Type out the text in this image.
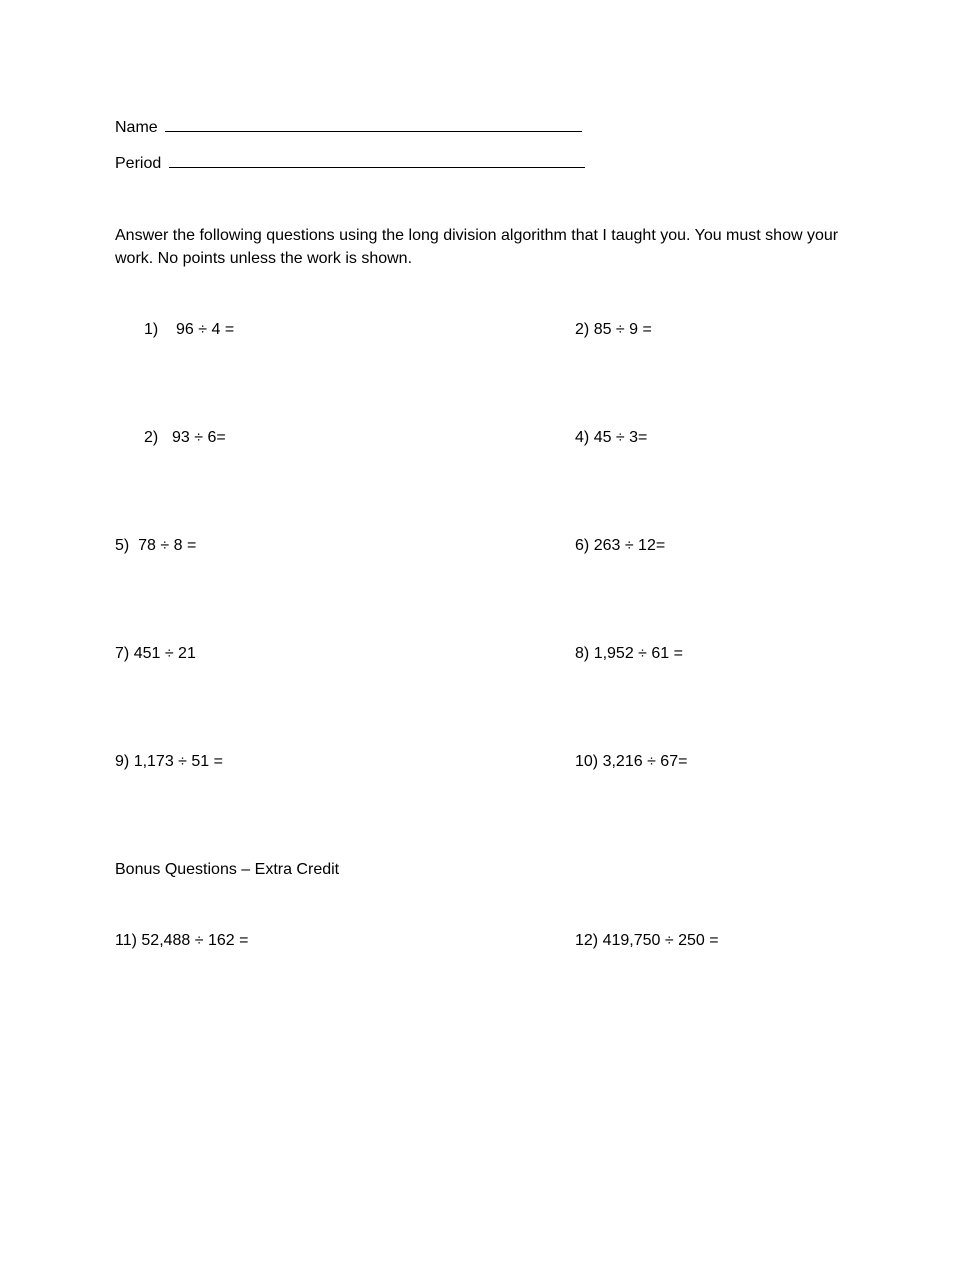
Name
Period
Answer the following questions using the long division algorithm that I taught you. You must show your work. No points unless the work is shown.
1) 96 ÷ 4 =	2) 85 ÷ 9 =
2) 93 ÷ 6=	4) 45 ÷ 3=
5) 78 ÷ 8 =	6) 263 ÷ 12=
7) 451 ÷ 21	8) 1,952 ÷ 61 =
9) 1,173 ÷ 51 =	10) 3,216 ÷ 67=
Bonus Questions – Extra Credit
11) 52,488 ÷ 162 =	12) 419,750 ÷ 250 =
